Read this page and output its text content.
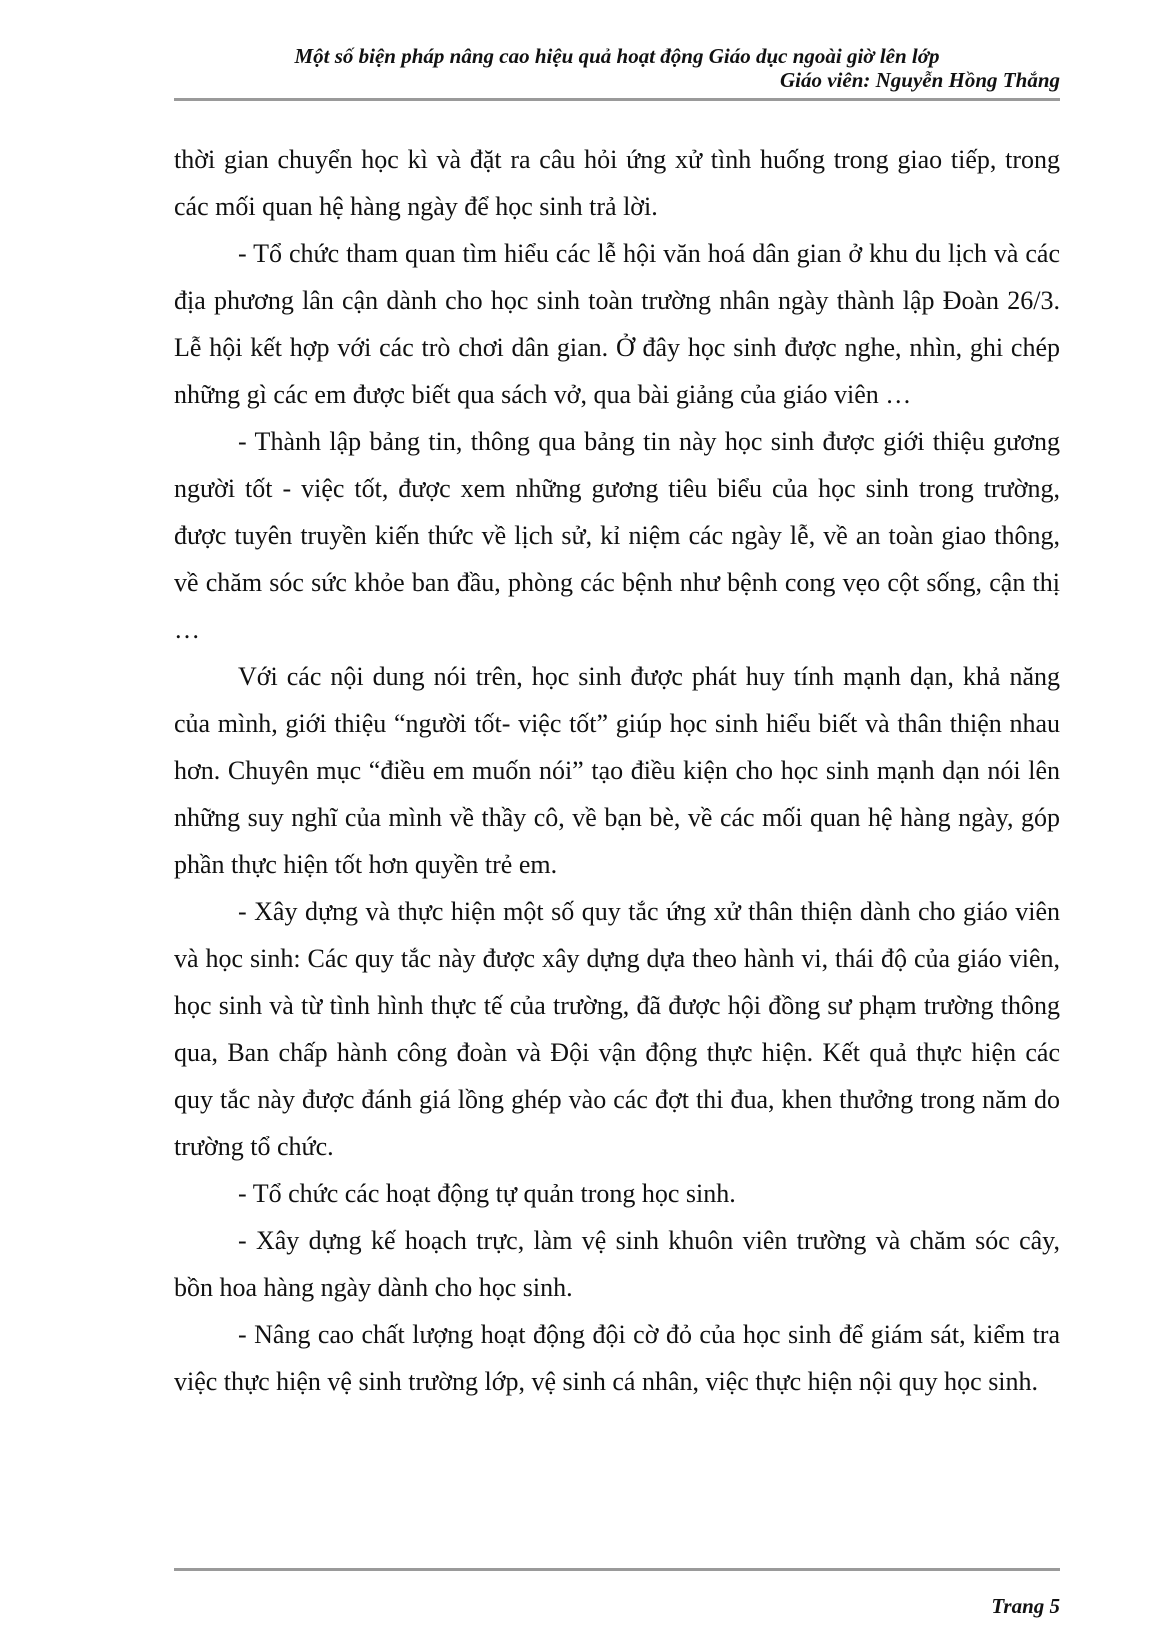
Một số biện pháp nâng cao hiệu quả hoạt động Giáo dục ngoài giờ lên lớp
Giáo viên: Nguyễn Hồng Thắng

thời gian chuyển học kì và đặt ra câu hỏi ứng xử tình huống trong giao tiếp, trong các mối quan hệ hàng ngày để học sinh trả lời.

- Tổ chức tham quan tìm hiểu các lễ hội văn hoá dân gian ở khu du lịch và các địa phương lân cận dành cho học sinh toàn trường nhân ngày thành lập Đoàn 26/3. Lễ hội kết hợp với các trò chơi dân gian. Ở đây học sinh được nghe, nhìn, ghi chép những gì các em được biết qua sách vở, qua bài giảng của giáo viên …

- Thành lập bảng tin, thông qua bảng tin này học sinh được giới thiệu gương người tốt - việc tốt, được xem những gương tiêu biểu của học sinh trong trường, được tuyên truyền kiến thức về lịch sử, kỉ niệm các ngày lễ, về an toàn giao thông, về chăm sóc sức khỏe ban đầu, phòng các bệnh như bệnh cong vẹo cột sống, cận thị …

Với các nội dung nói trên, học sinh được phát huy tính mạnh dạn, khả năng của mình, giới thiệu “người tốt- việc tốt” giúp học sinh hiểu biết và thân thiện nhau hơn. Chuyên mục “điều em muốn nói” tạo điều kiện cho học sinh mạnh dạn nói lên những suy nghĩ của mình về thầy cô, về bạn bè, về các mối quan hệ hàng ngày, góp phần thực hiện tốt hơn quyền trẻ em.

- Xây dựng và thực hiện một số quy tắc ứng xử thân thiện dành cho giáo viên và học sinh: Các quy tắc này được xây dựng dựa theo hành vi, thái độ của giáo viên, học sinh và từ tình hình thực tế của trường, đã được hội đồng sư phạm trường thông qua, Ban chấp hành công đoàn và Đội vận động thực hiện. Kết quả thực hiện các quy tắc này được đánh giá lồng ghép vào các đợt thi đua, khen thưởng trong năm do trường tổ chức.

- Tổ chức các hoạt động tự quản trong học sinh.

- Xây dựng kế hoạch trực, làm vệ sinh khuôn viên trường và chăm sóc cây, bồn hoa hàng ngày dành cho học sinh.

- Nâng cao chất lượng hoạt động đội cờ đỏ của học sinh để giám sát, kiểm tra việc thực hiện vệ sinh trường lớp, vệ sinh cá nhân, việc thực hiện nội quy học sinh.

Trang 5
